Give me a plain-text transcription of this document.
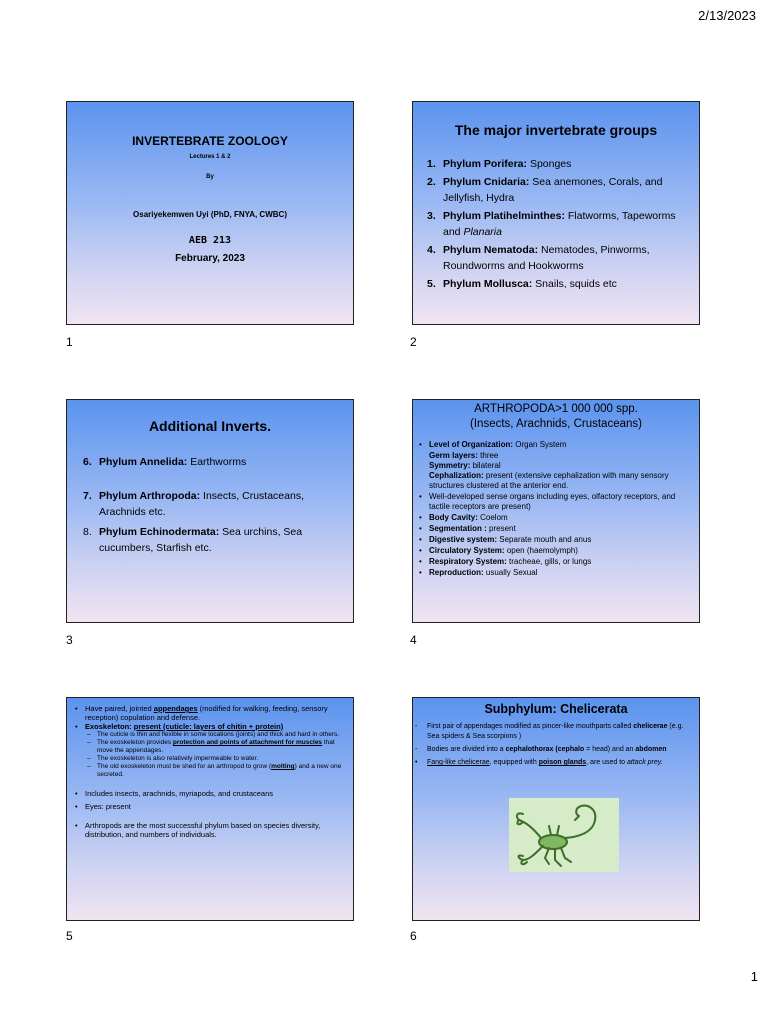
2/13/2023
INVERTEBRATE ZOOLOGY
Lectures 1 & 2
By
Osariyekemwen Uyi (PhD, FNYA, CWBC)
AEB 213
February, 2023
1
The major invertebrate groups
1. Phylum Porifera: Sponges
2. Phylum Cnidaria: Sea anemones, Corals, and Jellyfish, Hydra
3. Phylum Platihelminthes: Flatworms, Tapeworms and Planaria
4. Phylum Nematoda: Nematodes, Pinworms, Roundworms and Hookworms
5. Phylum Mollusca: Snails, squids etc
2
Additional Inverts.
6. Phylum Annelida: Earthworms
7. Phylum Arthropoda: Insects, Crustaceans, Arachnids etc.
8. Phylum Echinodermata: Sea urchins, Sea cucumbers, Starfish etc.
3
ARTHROPODA>1 000 000 spp.
(Insects, Arachnids, Crustaceans)
• Level of Organization: Organ System
Germ layers: three
Symmetry: bilateral
Cephalization: present (extensive cephalization with many sensory structures clustered at the anterior end.
• Well-developed sense organs including eyes, olfactory receptors, and tactile receptors are present)
• Body Cavity: Coelom
• Segmentation : present
• Digestive system: Separate mouth and anus
• Circulatory System: open (haemolymph)
• Respiratory System: tracheae, gills, or lungs
• Reproduction: usually Sexual
4
• Have paired, jointed appendages (modified for walking, feeding, sensory reception) copulation and defense.
• Exoskeleton: present (cuticle: layers of chitin + protein)
– The cuticle is thin and flexible in some locations (joints) and thick and hard in others.
– The exoskeleton provides protection and points of attachment for muscles that move the appendages.
– The exoskeleton is also relatively impermeable to water.
– The old exoskeleton must be shed for an arthropod to grow (molting) and a new one secreted.
• Includes insects, arachnids, myriapods, and crustaceans
• Eyes: present
• Arthropods are the most successful phylum based on species diversity, distribution, and numbers of individuals.
5
Subphylum: Chelicerata
- First pair of appendages modified as pincer-like mouthparts called chelicerae (e.g. Sea spiders & Sea scorpions )
- Bodies are divided into a cephalothorax (cephalo = head) and an abdomen
• Fang-like chelicerae, equipped with poison glands, are used to attack prey.
6
1
